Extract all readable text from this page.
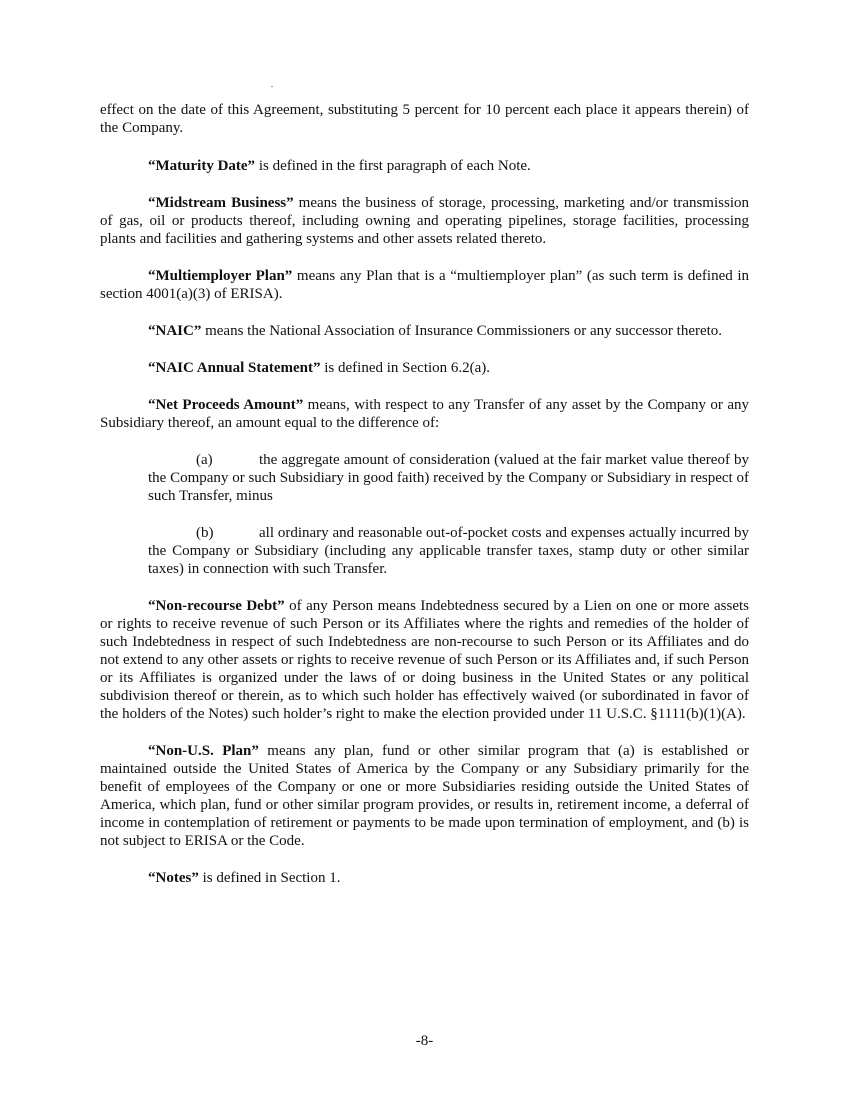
effect on the date of this Agreement, substituting 5 percent for 10 percent each place it appears therein) of the Company.

“Maturity Date” is defined in the first paragraph of each Note.

“Midstream Business” means the business of storage, processing, marketing and/or transmission of gas, oil or products thereof, including owning and operating pipelines, storage facilities, processing plants and facilities and gathering systems and other assets related thereto.

“Multiemployer Plan” means any Plan that is a “multiemployer plan” (as such term is defined in section 4001(a)(3) of ERISA).

“NAIC” means the National Association of Insurance Commissioners or any successor thereto.

“NAIC Annual Statement” is defined in Section 6.2(a).

“Net Proceeds Amount” means, with respect to any Transfer of any asset by the Company or any Subsidiary thereof, an amount equal to the difference of:

(a)	the aggregate amount of consideration (valued at the fair market value thereof by the Company or such Subsidiary in good faith) received by the Company or Subsidiary in respect of such Transfer, minus

(b)	all ordinary and reasonable out-of-pocket costs and expenses actually incurred by the Company or Subsidiary (including any applicable transfer taxes, stamp duty or other similar taxes) in connection with such Transfer.

“Non-recourse Debt” of any Person means Indebtedness secured by a Lien on one or more assets or rights to receive revenue of such Person or its Affiliates where the rights and remedies of the holder of such Indebtedness in respect of such Indebtedness are non-recourse to such Person or its Affiliates and do not extend to any other assets or rights to receive revenue of such Person or its Affiliates and, if such Person or its Affiliates is organized under the laws of or doing business in the United States or any political subdivision thereof or therein, as to which such holder has effectively waived (or subordinated in favor of the holders of the Notes) such holder’s right to make the election provided under 11 U.S.C. §1111(b)(1)(A).

“Non-U.S. Plan” means any plan, fund or other similar program that (a) is established or maintained outside the United States of America by the Company or any Subsidiary primarily for the benefit of employees of the Company or one or more Subsidiaries residing outside the United States of America, which plan, fund or other similar program provides, or results in, retirement income, a deferral of income in contemplation of retirement or payments to be made upon termination of employment, and (b) is not subject to ERISA or the Code.

“Notes” is defined in Section 1.

-8-
